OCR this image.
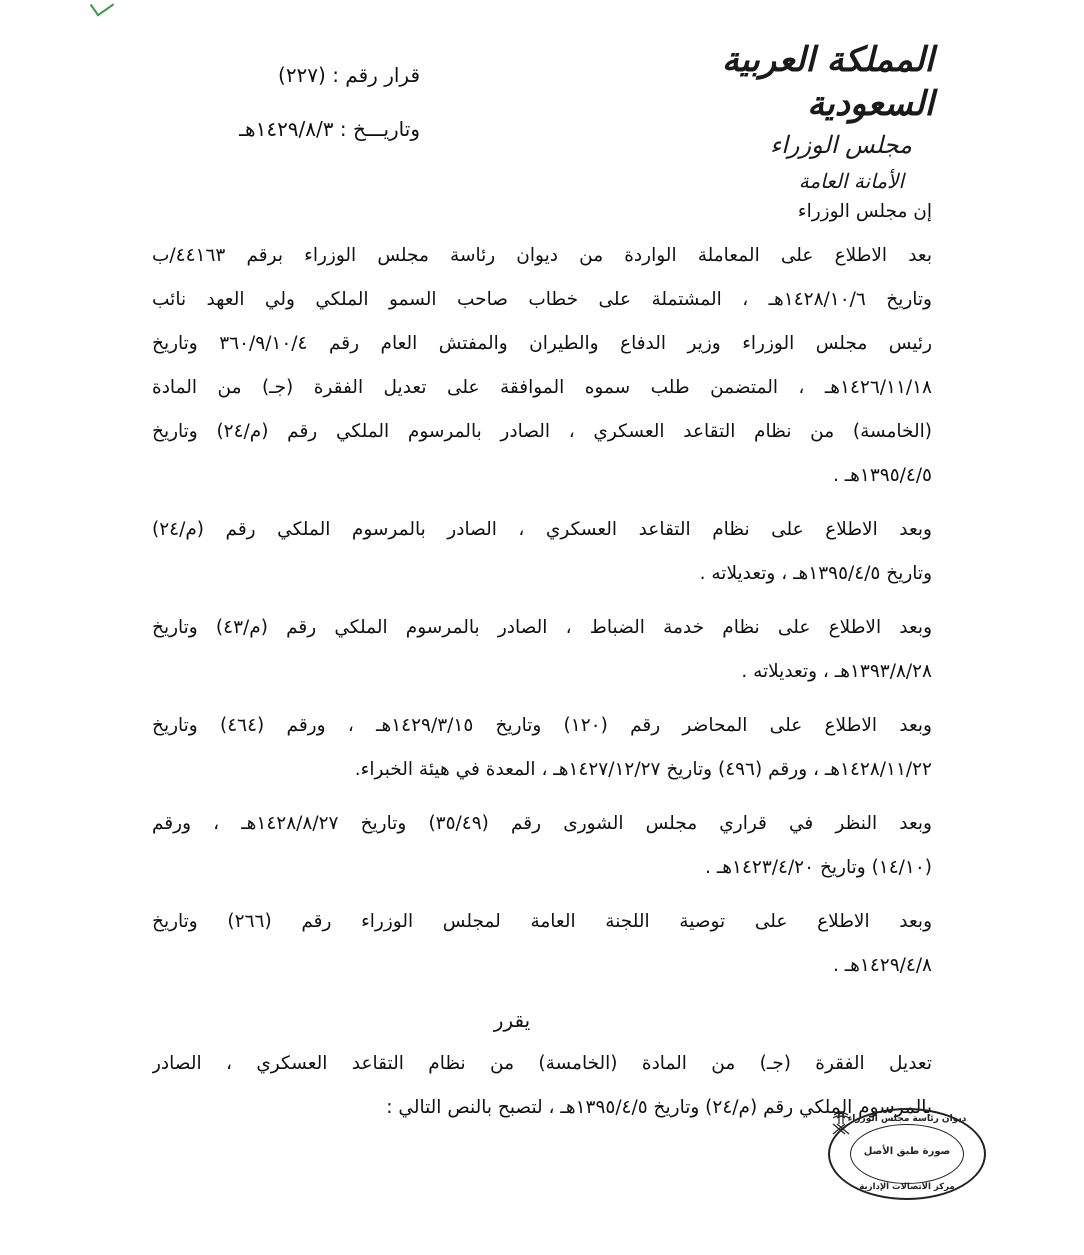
المملكة العربية السعودية
مجلس الوزراء
الأمانة العامة
قرار رقم : (٢٢٧)
وتاريـــخ : ١٤٢٩/٨/٣هـ
إن مجلس الوزراء
بعد الاطلاع على المعاملة الواردة من ديوان رئاسة مجلس الوزراء برقم ٤٤١٦٣/ب
وتاريخ ١٤٢٨/١٠/٦هـ ، المشتملة على خطاب صاحب السمو الملكي ولي العهد نائب
رئيس مجلس الوزراء وزير الدفاع والطيران والمفتش العام رقم ٣٦٠/٩/١٠/٤ وتاريخ
١٤٢٦/١١/١٨هـ ، المتضمن طلب سموه الموافقة على تعديل الفقرة (جـ) من المادة
(الخامسة) من نظام التقاعد العسكري ، الصادر بالمرسوم الملكي رقم (م/٢٤) وتاريخ
١٣٩٥/٤/٥هـ .
وبعد الاطلاع على نظام التقاعد العسكري ، الصادر بالمرسوم الملكي رقم (م/٢٤)
وتاريخ ١٣٩٥/٤/٥هـ ، وتعديلاته .
وبعد الاطلاع على نظام خدمة الضباط ، الصادر بالمرسوم الملكي رقم (م/٤٣) وتاريخ
١٣٩٣/٨/٢٨هـ ، وتعديلاته .
وبعد الاطلاع على المحاضر رقم (١٢٠) وتاريخ ١٤٢٩/٣/١٥هـ ، ورقم (٤٦٤) وتاريخ
١٤٢٨/١١/٢٢هـ ، ورقم (٤٩٦) وتاريخ ١٤٢٧/١٢/٢٧هـ ، المعدة في هيئة الخبراء.
وبعد النظر في قراري مجلس الشورى رقم (٣٥/٤٩) وتاريخ ١٤٢٨/٨/٢٧هـ ، ورقم
(١٤/١٠) وتاريخ ١٤٢٣/٤/٢٠هـ .
وبعد الاطلاع على توصية اللجنة العامة لمجلس الوزراء رقم (٢٦٦) وتاريخ
١٤٢٩/٤/٨هـ .
يقرر
تعديل الفقرة (جـ) من المادة (الخامسة) من نظام التقاعد العسكري ، الصادر
بالمرسوم الملكي رقم (م/٢٤) وتاريخ ١٣٩٥/٤/٥هـ ، لتصبح بالنص التالي :
ديوان رئاسة مجلس الوزراء
صورة طبق الأصل
مركز الاتصالات الإدارية
